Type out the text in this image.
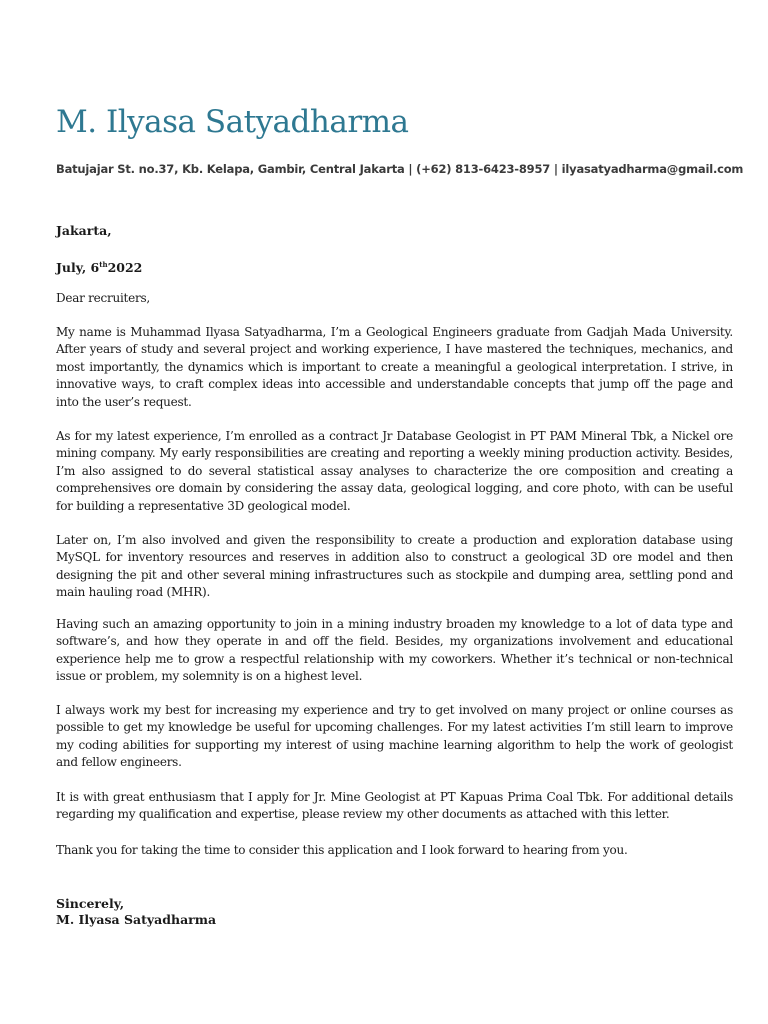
M. Ilyasa Satyadharma
Batujajar St. no.37, Kb. Kelapa, Gambir, Central Jakarta | (+62) 813-6423-8957 | ilyasatyadharma@gmail.com
Jakarta,
July, 6th2022

Dear recruiters,

My name is Muhammad Ilyasa Satyadharma, I’m a Geological Engineers graduate from Gadjah Mada University. After years of study and several project and working experience, I have mastered the techniques, mechanics, and most importantly, the dynamics which is important to create a meaningful a geological interpretation. I strive, in innovative ways, to craft complex ideas into accessible and understandable concepts that jump off the page and into the user’s request.

As for my latest experience, I’m enrolled as a contract Jr Database Geologist in PT PAM Mineral Tbk, a Nickel ore mining company. My early responsibilities are creating and reporting a weekly mining production activity. Besides, I’m also assigned to do several statistical assay analyses to characterize the ore composition and creating a comprehensives ore domain by considering the assay data, geological logging, and core photo, with can be useful for building a representative 3D geological model.

Later on, I’m also involved and given the responsibility to create a production and exploration database using MySQL for inventory resources and reserves in addition also to construct a geological 3D ore model and then designing the pit and other several mining infrastructures such as stockpile and dumping area, settling pond and main hauling road (MHR).

Having such an amazing opportunity to join in a mining industry broaden my knowledge to a lot of data type and software’s, and how they operate in and off the field. Besides, my organizations involvement and educational experience help me to grow a respectful relationship with my coworkers. Whether it’s technical or non-technical issue or problem, my solemnity is on a highest level.

I always work my best for increasing my experience and try to get involved on many project or online courses as possible to get my knowledge be useful for upcoming challenges. For my latest activities I’m still learn to improve my coding abilities for supporting my interest of using machine learning algorithm to help the work of geologist and fellow engineers.

It is with great enthusiasm that I apply for Jr. Mine Geologist at PT Kapuas Prima Coal Tbk. For additional details regarding my qualification and expertise, please review my other documents as attached with this letter.

Thank you for taking the time to consider this application and I look forward to hearing from you.

Sincerely,
M. Ilyasa Satyadharma
